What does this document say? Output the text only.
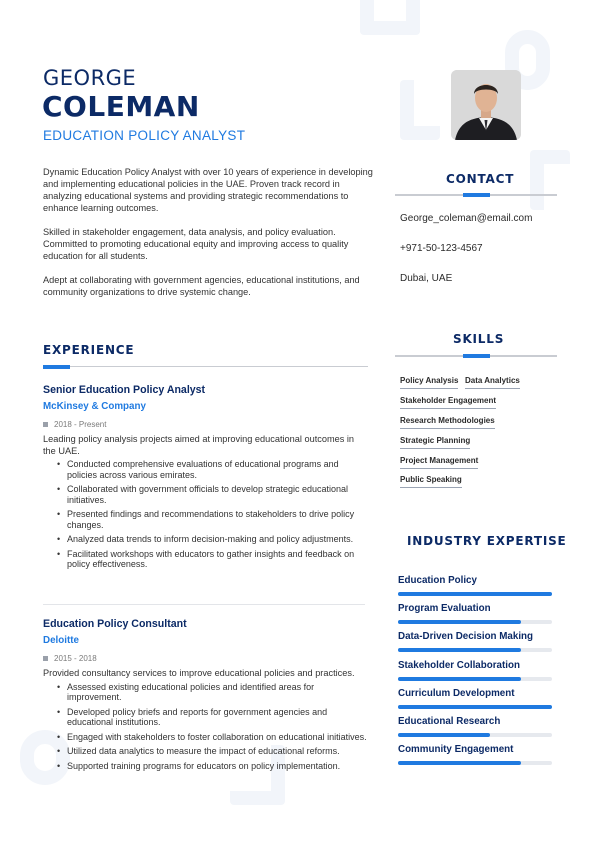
GEORGE
COLEMAN
EDUCATION POLICY ANALYST

Dynamic Education Policy Analyst with over 10 years of experience in developing and implementing educational policies in the UAE. Proven track record in analyzing educational systems and providing strategic recommendations to enhance learning outcomes.

Skilled in stakeholder engagement, data analysis, and policy evaluation. Committed to promoting educational equity and improving access to quality education for all students.

Adept at collaborating with government agencies, educational institutions, and community organizations to drive systemic change.

CONTACT
George_coleman@email.com
+971-50-123-4567
Dubai, UAE
SKILLS
Policy Analysis Data Analytics
Stakeholder Engagement
Research Methodologies
Strategic Planning
Project Management
Public Speaking
INDUSTRY EXPERTISE
Education Policy
Program Evaluation
Data-Driven Decision Making
Stakeholder Collaboration
Curriculum Development
Educational Research
Community Engagement
EXPERIENCE
Senior Education Policy Analyst
McKinsey & Company
2018 - Present
Leading policy analysis projects aimed at improving educational outcomes in the UAE.
• Conducted comprehensive evaluations of educational programs and policies across various emirates.
• Collaborated with government officials to develop strategic educational initiatives.
• Presented findings and recommendations to stakeholders to drive policy changes.
• Analyzed data trends to inform decision-making and policy adjustments.
• Facilitated workshops with educators to gather insights and feedback on policy effectiveness.
Education Policy Consultant
Deloitte
2015 - 2018
Provided consultancy services to improve educational policies and practices.
• Assessed existing educational policies and identified areas for improvement.
• Developed policy briefs and reports for government agencies and educational institutions.
• Engaged with stakeholders to foster collaboration on educational initiatives.
• Utilized data analytics to measure the impact of educational reforms.
• Supported training programs for educators on policy implementation.
